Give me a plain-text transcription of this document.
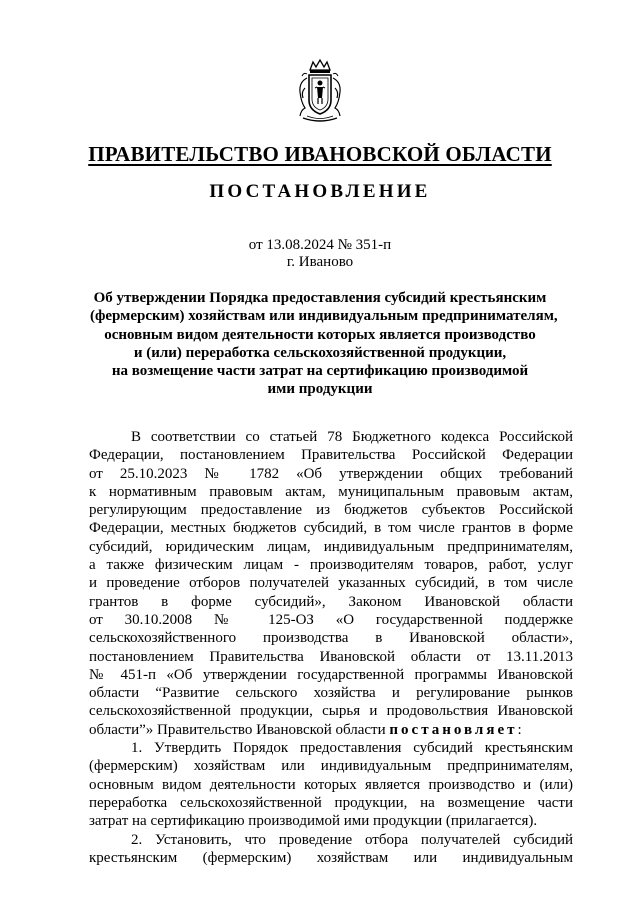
ПРАВИТЕЛЬСТВО ИВАНОВСКОЙ ОБЛАСТИ
ПОСТАНОВЛЕНИЕ
от 13.08.2024 № 351-п
г. Иваново
Об утверждении Порядка предоставления субсидий крестьянским
(фермерским) хозяйствам или индивидуальным предпринимателям,
основным видом деятельности которых является производство
и (или) переработка сельскохозяйственной продукции,
на возмещение части затрат на сертификацию производимой
ими продукции
В соответствии со статьей 78 Бюджетного кодекса Российской
Федерации, постановлением Правительства Российской Федерации
от 25.10.2023 № 1782 «Об утверждении общих требований
к нормативным правовым актам, муниципальным правовым актам,
регулирующим предоставление из бюджетов субъектов Российской
Федерации, местных бюджетов субсидий, в том числе грантов в форме
субсидий, юридическим лицам, индивидуальным предпринимателям,
а также физическим лицам - производителям товаров, работ, услуг
и проведение отборов получателей указанных субсидий, в том числе
грантов в форме субсидий», Законом Ивановской области
от 30.10.2008 № 125-ОЗ «О государственной поддержке
сельскохозяйственного производства в Ивановской области»,
постановлением Правительства Ивановской области от 13.11.2013
№ 451-п «Об утверждении государственной программы Ивановской
области “Развитие сельского хозяйства и регулирование рынков
сельскохозяйственной продукции, сырья и продовольствия Ивановской
области”» Правительство Ивановской области постановляет:
1. Утвердить Порядок предоставления субсидий крестьянским
(фермерским) хозяйствам или индивидуальным предпринимателям,
основным видом деятельности которых является производство и (или)
переработка сельскохозяйственной продукции, на возмещение части
затрат на сертификацию производимой ими продукции (прилагается).
2. Установить, что проведение отбора получателей субсидий
крестьянским (фермерским) хозяйствам или индивидуальным
